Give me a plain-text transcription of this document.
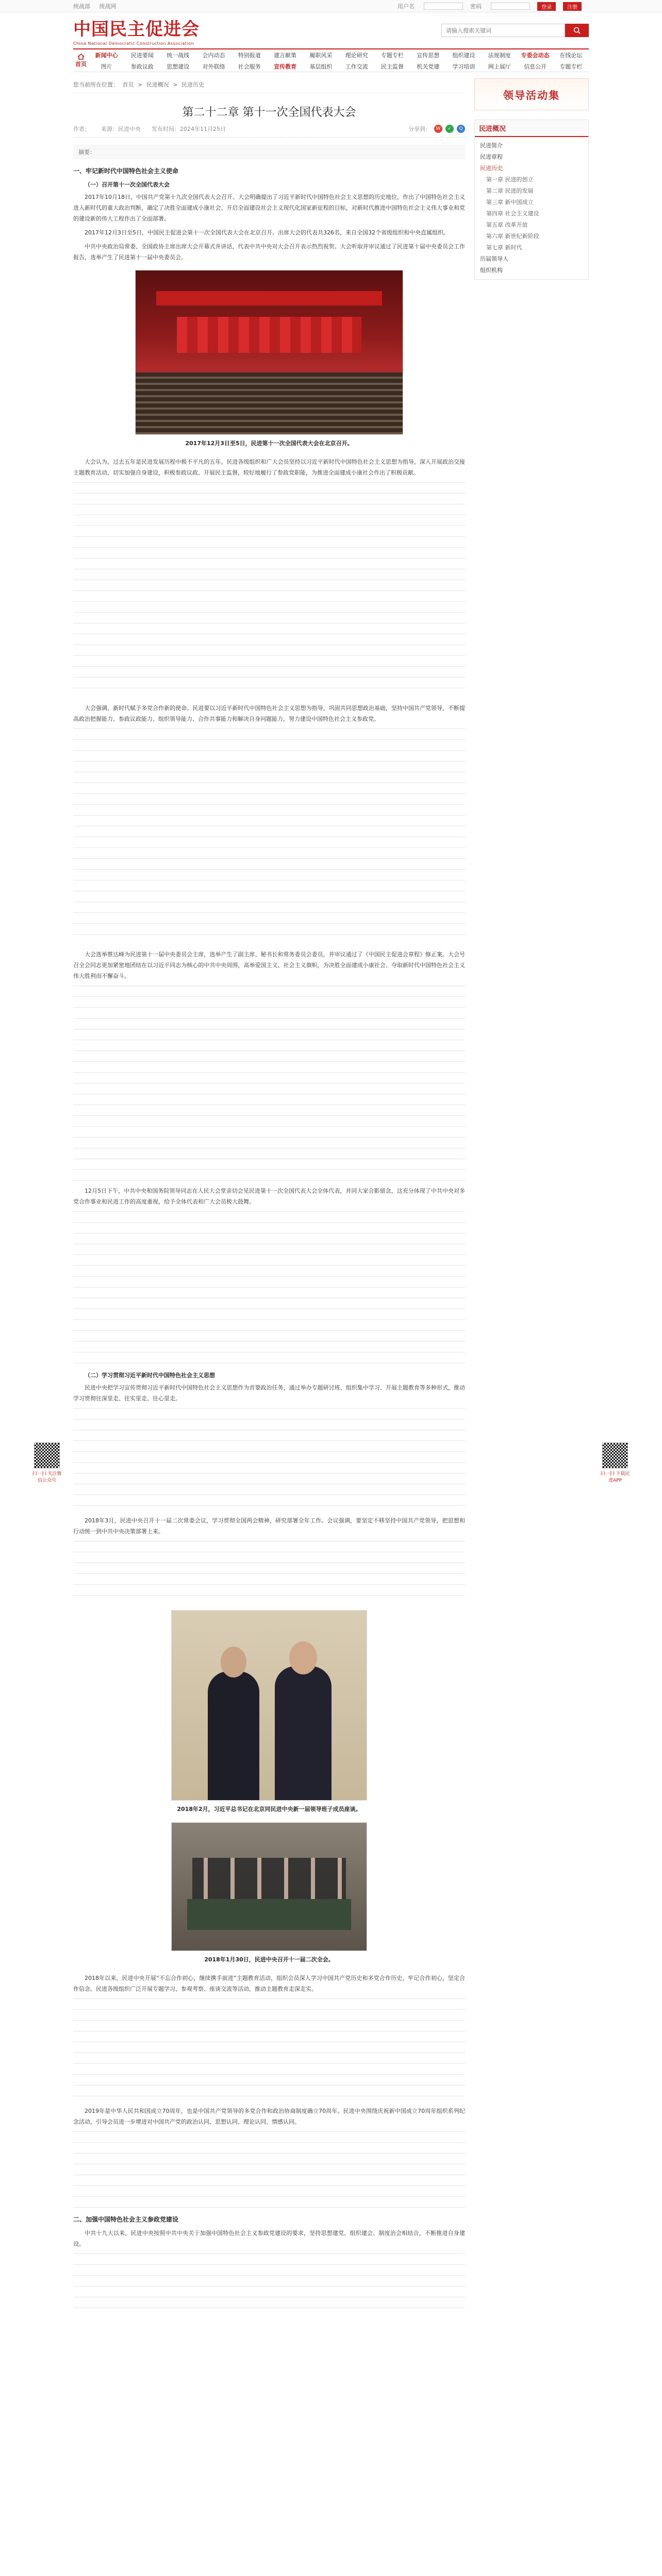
统战部 统战网	用户名	密码	登录	注册
中国民主促进会
China National Democratic Construction Association
请输入搜索关键词
首页
新闻中心	民进要闻	统一战线	会内动态	特别报道	建言献策	履职风采	理论研究	专题专栏	宣传思想	组织建设	法规制度	专委会动态	在线论坛
图片	参政议政	思想建设	对外联络	社会服务	宣传教育	基层组织	工作交流	民主监督	机关党建	学习培训	网上展厅	信息公开	专题专栏
您当前所在位置： 首页 > 民进概况 > 民进历史
第二十二章 第十一次全国代表大会
作者： 来源：民进中央 发布时间：2024年11月25日	分享到：	W	✓	Q
摘要：
一、牢记新时代中国特色社会主义使命
（一）召开第十一次全国代表大会

2017年10月18日，中国共产党第十九次全国代表大会召开。大会明确提出了习近平新时代中国特色社会主义思想的历史地位，作出了中国特色社会主义进入新时代的重大政治判断，确定了决胜全面建成小康社会、开启全面建设社会主义现代化国家新征程的目标，对新时代推进中国特色社会主义伟大事业和党的建设新的伟大工程作出了全面部署。

2017年12月3日至5日，中国民主促进会第十一次全国代表大会在北京召开。出席大会的代表共326名，来自全国32个省级组织和中央直属组织。

中共中央政治局常委、全国政协主席出席大会开幕式并讲话，代表中共中央对大会召开表示热烈祝贺。大会听取并审议通过了民进第十届中央委员会工作报告，选举产生了民进第十一届中央委员会。

2017年12月3日至5日，民进第十一次全国代表大会在北京召开。

大会认为，过去五年是民进发展历程中极不平凡的五年。民进各级组织和广大会员坚持以习近平新时代中国特色社会主义思想为指导，深入开展政治交接主题教育活动，切实加强自身建设，积极参政议政、开展民主监督，较好地履行了参政党职能，为推进全面建成小康社会作出了积极贡献。

大会强调，新时代赋予多党合作新的使命。民进要以习近平新时代中国特色社会主义思想为指导，巩固共同思想政治基础，坚持中国共产党领导，不断提高政治把握能力、参政议政能力、组织领导能力、合作共事能力和解决自身问题能力，努力建设中国特色社会主义参政党。

大会选举蔡达峰为民进第十一届中央委员会主席，选举产生了副主席、秘书长和常务委员会委员，并审议通过了《中国民主促进会章程》修正案。大会号召全会同志更加紧密地团结在以习近平同志为核心的中共中央周围，高举爱国主义、社会主义旗帜，为决胜全面建成小康社会、夺取新时代中国特色社会主义伟大胜利而不懈奋斗。

12月5日下午，中共中央和国务院领导同志在人民大会堂亲切会见民进第十一次全国代表大会全体代表，并同大家合影留念，这充分体现了中共中央对多党合作事业和民进工作的高度重视，给予全体代表和广大会员极大鼓舞。

（二）学习贯彻习近平新时代中国特色社会主义思想

民进中央把学习宣传贯彻习近平新时代中国特色社会主义思想作为首要政治任务，通过举办专题研讨班、组织集中学习、开展主题教育等多种形式，推动学习贯彻往深里走、往实里走、往心里走。

2018年3月，民进中央召开十一届二次常委会议，学习贯彻全国两会精神，研究部署全年工作。会议强调，要坚定不移坚持中国共产党领导，把思想和行动统一到中共中央决策部署上来。

2018年2月，习近平总书记在北京同民进中央新一届领导班子成员座谈。
2018年1月30日，民进中央召开十一届二次全会。

2018年以来，民进中央开展“不忘合作初心，继续携手前进”主题教育活动，组织会员深入学习中国共产党历史和多党合作历史，牢记合作初心，坚定合作信念。民进各级组织广泛开展专题学习、参观考察、座谈交流等活动，推动主题教育走深走实。

2019年是中华人民共和国成立70周年，也是中国共产党领导的多党合作和政治协商制度确立70周年。民进中央围绕庆祝新中国成立70周年组织系列纪念活动，引导会员进一步增进对中国共产党的政治认同、思想认同、理论认同、情感认同。

二、加强中国特色社会主义参政党建设

中共十九大以来，民进中央按照中共中央关于加强中国特色社会主义参政党建设的要求，坚持思想建党、组织建会、制度治会相结合，不断推进自身建设。

领导活动集
民进概况
民进简介
民进章程
民进历史
第一章 民进的创立
第二章 民进的发展
第三章 新中国成立
第四章 社会主义建设
第五章 改革开放
第六章 新世纪新阶段
第七章 新时代
历届领导人
组织机构
扫一扫 关注微信公众号
扫一扫 下载民进APP
